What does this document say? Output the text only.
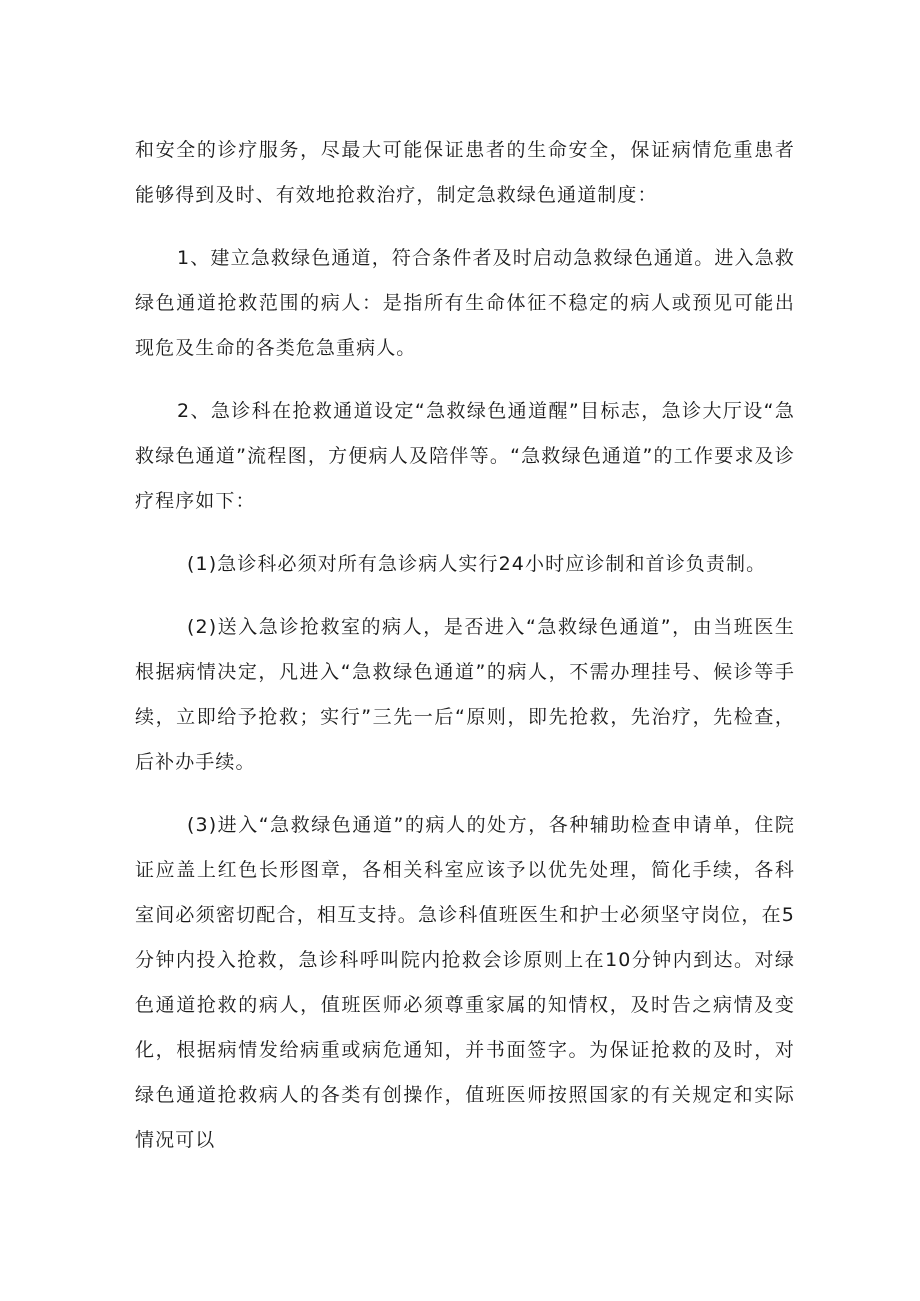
和安全的诊疗服务，尽最大可能保证患者的生命安全，保证病情危重患者能够得到及时、有效地抢救治疗，制定急救绿色通道制度：

1、建立急救绿色通道，符合条件者及时启动急救绿色通道。进入急救绿色通道抢救范围的病人：是指所有生命体征不稳定的病人或预见可能出现危及生命的各类危急重病人。

2、急诊科在抢救通道设定“急救绿色通道醒”目标志，急诊大厅设“急救绿色通道”流程图，方便病人及陪伴等。“急救绿色通道”的工作要求及诊疗程序如下：

(1)急诊科必须对所有急诊病人实行24小时应诊制和首诊负责制。

(2)送入急诊抢救室的病人，是否进入“急救绿色通道”，由当班医生根据病情决定，凡进入“急救绿色通道”的病人，不需办理挂号、候诊等手续，立即给予抢救；实行”三先一后“原则，即先抢救，先治疗，先检查，后补办手续。

(3)进入“急救绿色通道”的病人的处方，各种辅助检查申请单，住院证应盖上红色长形图章，各相关科室应该予以优先处理，简化手续，各科室间必须密切配合，相互支持。急诊科值班医生和护士必须坚守岗位，在5分钟内投入抢救，急诊科呼叫院内抢救会诊原则上在10分钟内到达。对绿色通道抢救的病人，值班医师必须尊重家属的知情权，及时告之病情及变化，根据病情发给病重或病危通知，并书面签字。为保证抢救的及时，对绿色通道抢救病人的各类有创操作，值班医师按照国家的有关规定和实际情况可以
